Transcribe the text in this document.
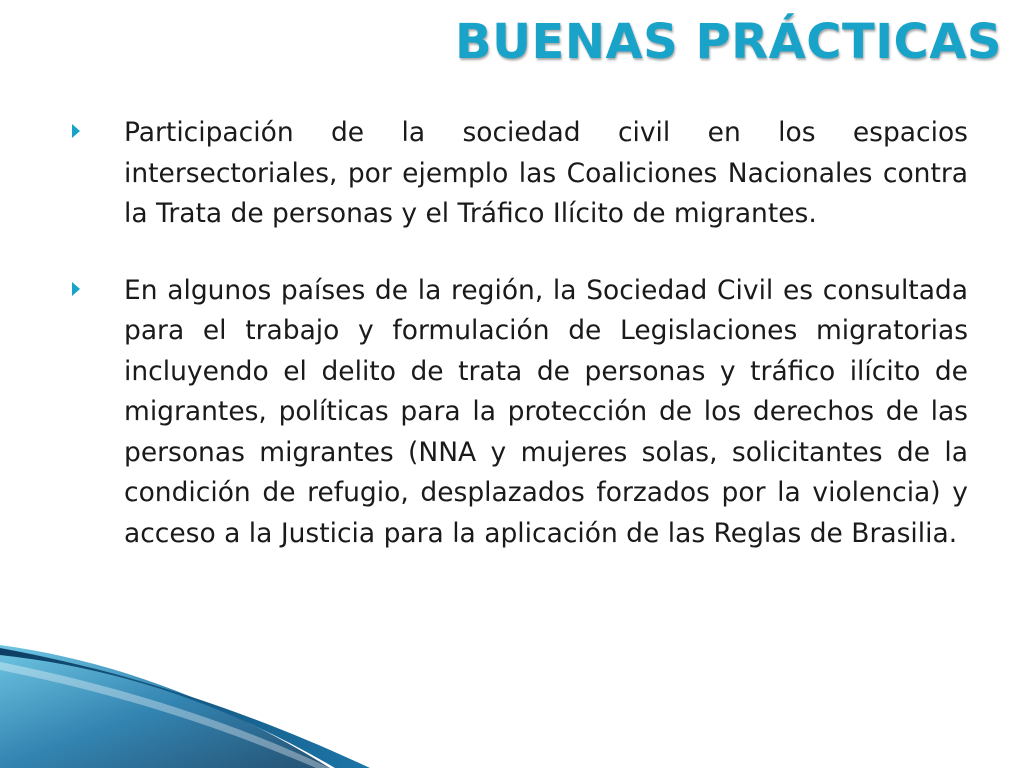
BUENAS PRÁCTICAS

Participación de la sociedad civil en los espacios intersectoriales, por ejemplo las Coaliciones Nacionales contra la Trata de personas y el Tráfico Ilícito de migrantes.

En algunos países de la región, la Sociedad Civil es consultada para el trabajo y formulación de Legislaciones migratorias incluyendo el delito de trata de personas y tráfico ilícito de migrantes, políticas para la protección de los derechos de las personas migrantes (NNA y mujeres solas, solicitantes de la condición de refugio, desplazados forzados por la violencia) y acceso a la Justicia para la aplicación de las Reglas de Brasilia.
